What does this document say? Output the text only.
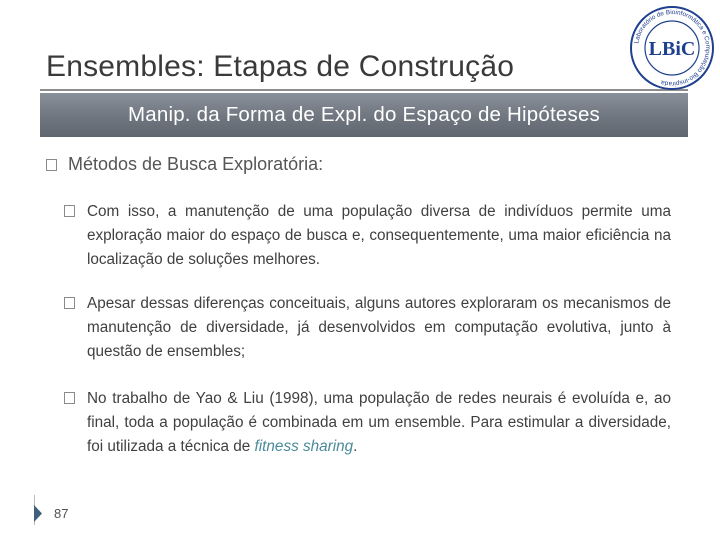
Ensembles: Etapas de Construção
Laboratório de Bioinformática e Computação Bio-inspirada
LBiC
Manip. da Forma de Expl. do Espaço de Hipóteses
Métodos de Busca Exploratória:
Com isso, a manutenção de uma população diversa de indivíduos permite uma exploração maior do espaço de busca e, consequentemente, uma maior eficiência na localização de soluções melhores.
Apesar dessas diferenças conceituais, alguns autores exploraram os mecanismos de manutenção de diversidade, já desenvolvidos em computação evolutiva, junto à questão de ensembles;
No trabalho de Yao & Liu (1998), uma população de redes neurais é evoluída e, ao final, toda a população é combinada em um ensemble. Para estimular a diversidade, foi utilizada a técnica de fitness sharing.
87
